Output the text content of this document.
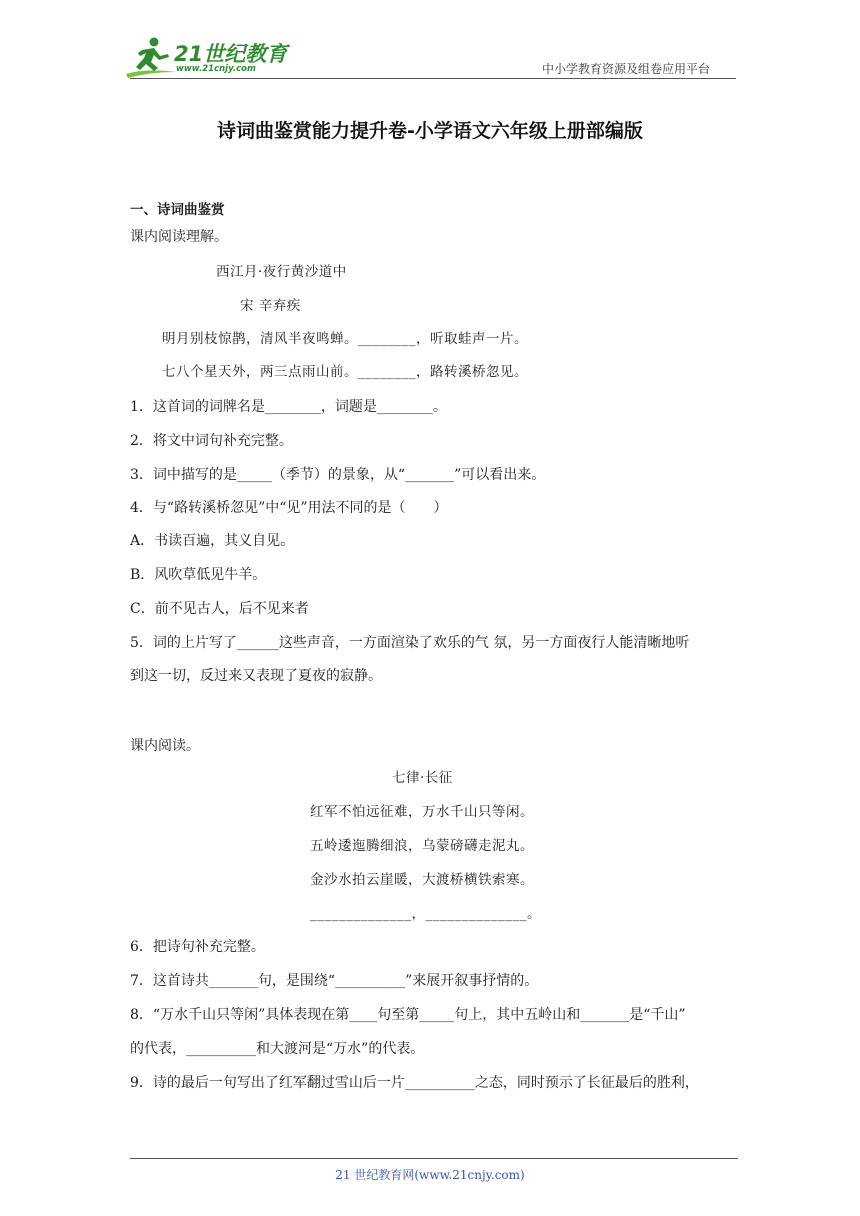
21世纪教育
www.21cnjy.com	中小学教育资源及组卷应用平台
诗词曲鉴赏能力提升卷-小学语文六年级上册部编版
一、诗词曲鉴赏
课内阅读理解。
西江月·夜行黄沙道中
宋 辛弃疾
明月别枝惊鹊，清风半夜鸣蝉。________，听取蛙声一片。
七八个星天外，两三点雨山前。________，路转溪桥忽见。
1．这首词的词牌名是________，词题是________。
2．将文中词句补充完整。
3．词中描写的是_____（季节）的景象，从“_______”可以看出来。
4．与“路转溪桥忽见”中“见”用法不同的是（　　）
A．书读百遍，其义自见。
B．风吹草低见牛羊。
C．前不见古人，后不见来者
5．词的上片写了______这些声音，一方面渲染了欢乐的气 氛，另一方面夜行人能清晰地听
到这一切，反过来又表现了夏夜的寂静。
课内阅读。
七律·长征
红军不怕远征难，万水千山只等闲。
五岭逶迤腾细浪，乌蒙磅礴走泥丸。
金沙水拍云崖暖，大渡桥横铁索寒。
______________，______________。
6．把诗句补充完整。
7．这首诗共_______句，是围绕“__________”来展开叙事抒情的。
8．“万水千山只等闲”具体表现在第____句至第_____句上，其中五岭山和_______是“千山”
的代表，__________和大渡河是“万水”的代表。
9．诗的最后一句写出了红军翻过雪山后一片__________之态，同时预示了长征最后的胜利，
21 世纪教育网(www.21cnjy.com)
